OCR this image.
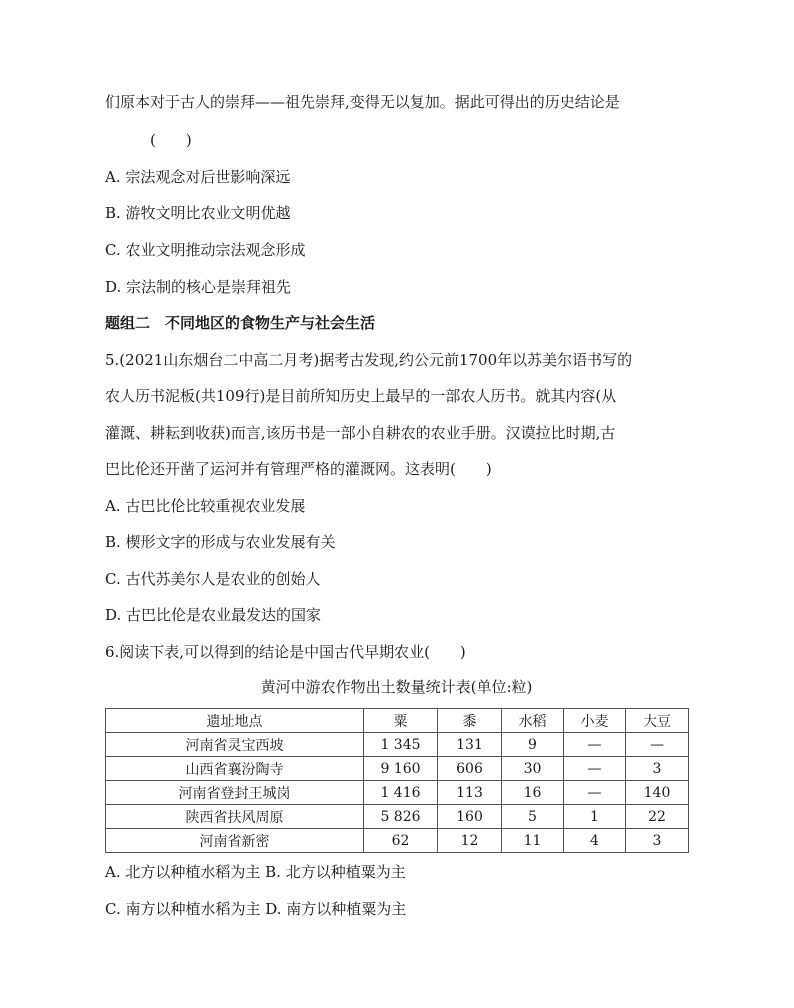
们原本对于古人的崇拜——祖先崇拜,变得无以复加。据此可得出的历史结论是
(　　)
A. 宗法观念对后世影响深远
B. 游牧文明比农业文明优越
C. 农业文明推动宗法观念形成
D. 宗法制的核心是崇拜祖先
题组二　不同地区的食物生产与社会生活
5.(2021山东烟台二中高二月考)据考古发现,约公元前1700年以苏美尔语书写的
农人历书泥板(共109行)是目前所知历史上最早的一部农人历书。就其内容(从
灌溉、耕耘到收获)而言,该历书是一部小自耕农的农业手册。汉谟拉比时期,古
巴比伦还开凿了运河并有管理严格的灌溉网。这表明(　　)
A. 古巴比伦比较重视农业发展
B. 楔形文字的形成与农业发展有关
C. 古代苏美尔人是农业的创始人
D. 古巴比伦是农业最发达的国家
6.阅读下表,可以得到的结论是中国古代早期农业(　　)
黄河中游农作物出土数量统计表(单位:粒)
遗址地点	粟	黍	水稻	小麦	大豆
河南省灵宝西坡	1 345	131	9	—	—
山西省襄汾陶寺	9 160	606	30	—	3
河南省登封王城岗	1 416	113	16	—	140
陕西省扶风周原	5 826	160	5	1	22
河南省新密	62	12	11	4	3
A. 北方以种植水稻为主 B. 北方以种植粟为主
C. 南方以种植水稻为主 D. 南方以种植粟为主
